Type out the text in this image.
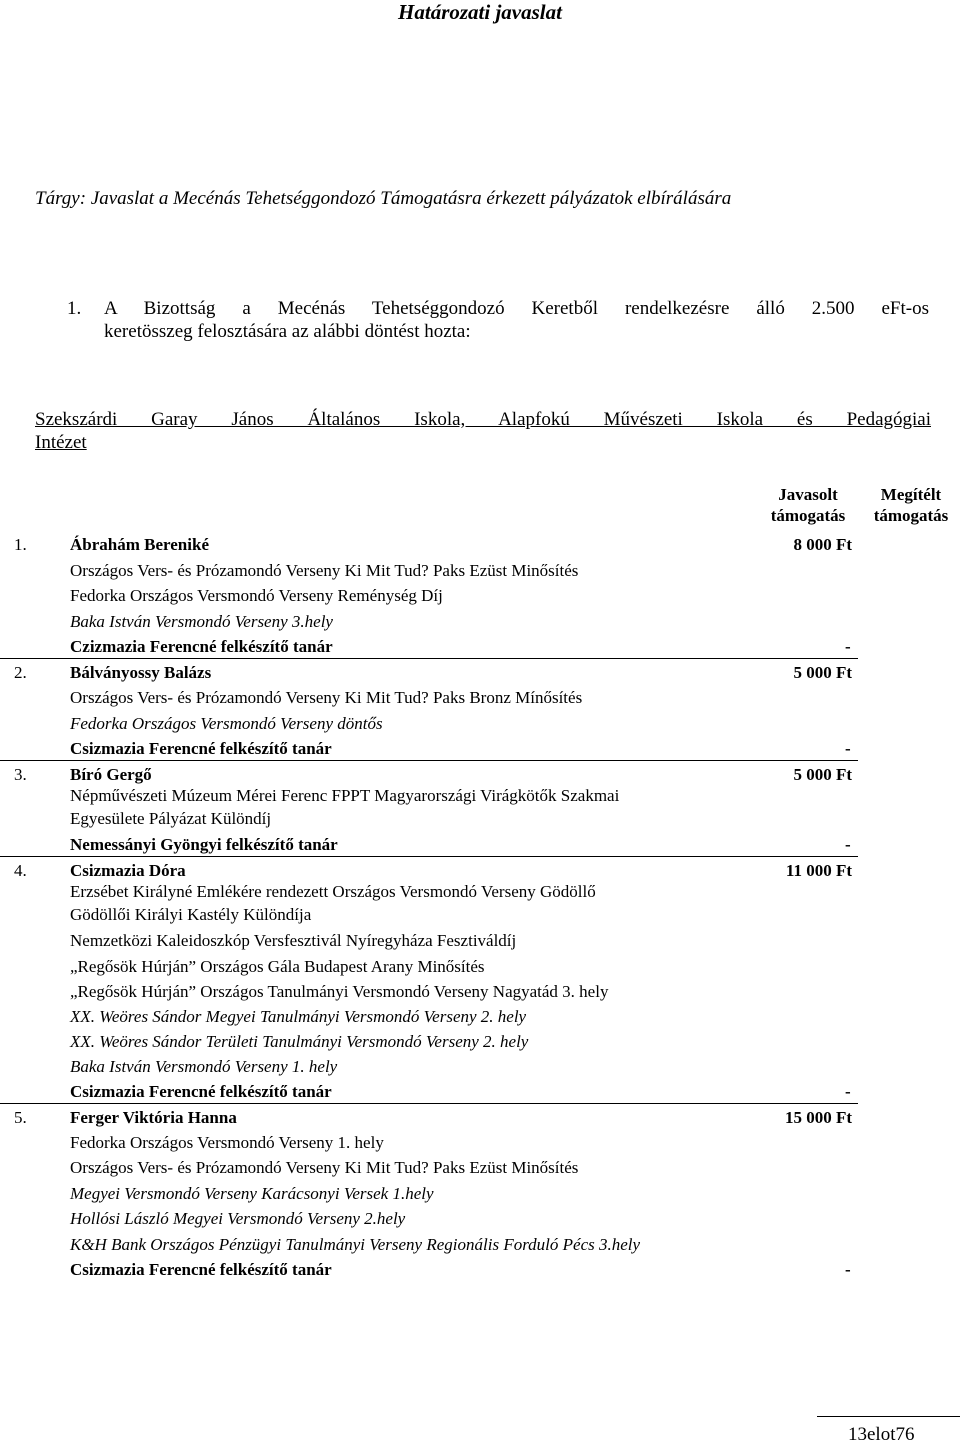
Határozati javaslat
Tárgy: Javaslat a Mecénás Tehetséggondozó Támogatásra érkezett pályázatok elbírálására
1.	A Bizottság a Mecénás Tehetséggondozó Keretből rendelkezésre álló 2.500 eFt-os
keretösszeg felosztására az alábbi döntést hozta:
Szekszárdi Garay János Általános Iskola, Alapfokú Művészeti Iskola és Pedagógiai
Intézet
Javasolt
támogatás
Megítélt
támogatás
1.	Ábrahám Bereniké	8 000 Ft
Országos Vers- és Prózamondó Verseny Ki Mit Tud? Paks Ezüst Minősítés
Fedorka Országos Versmondó Verseny Reménység Díj
Baka István Versmondó Verseny 3.hely
Czizmazia Ferencné felkészítő tanár	-
2.	Bálványossy Balázs	5 000 Ft
Országos Vers- és Prózamondó Verseny Ki Mit Tud? Paks Bronz Mínősítés
Fedorka Országos Versmondó Verseny döntős
Csizmazia Ferencné felkészítő tanár	-
3.	Bíró Gergő	5 000 Ft
Népművészeti Múzeum Mérei Ferenc FPPT Magyarországi Virágkötők Szakmai
Egyesülete Pályázat Különdíj
Nemessányi Gyöngyi felkészítő tanár	-
4.	Csizmazia Dóra	11 000 Ft
Erzsébet Királyné Emlékére rendezett Országos Versmondó Verseny Gödöllő
Gödöllői Királyi Kastély Különdíja
Nemzetközi Kaleidoszkóp Versfesztivál Nyíregyháza Fesztiváldíj
„Regősök Húrján” Országos Gála Budapest Arany Minősítés
„Regősök Húrján” Országos Tanulmányi Versmondó Verseny Nagyatád 3. hely
XX. Weöres Sándor Megyei Tanulmányi Versmondó Verseny 2. hely
XX. Weöres Sándor Területi Tanulmányi Versmondó Verseny 2. hely
Baka István Versmondó Verseny 1. hely
Csizmazia Ferencné felkészítő tanár	-
5.	Ferger Viktória Hanna	15 000 Ft
Fedorka Országos Versmondó Verseny 1. hely
Országos Vers- és Prózamondó Verseny Ki Mit Tud? Paks Ezüst Minősítés
Megyei Versmondó Verseny Karácsonyi Versek 1.hely
Hollósi László Megyei Versmondó Verseny 2.hely
K&H Bank Országos Pénzügyi Tanulmányi Verseny Regionális Forduló Pécs 3.hely
Csizmazia Ferencné felkészítő tanár	-
13elot76
